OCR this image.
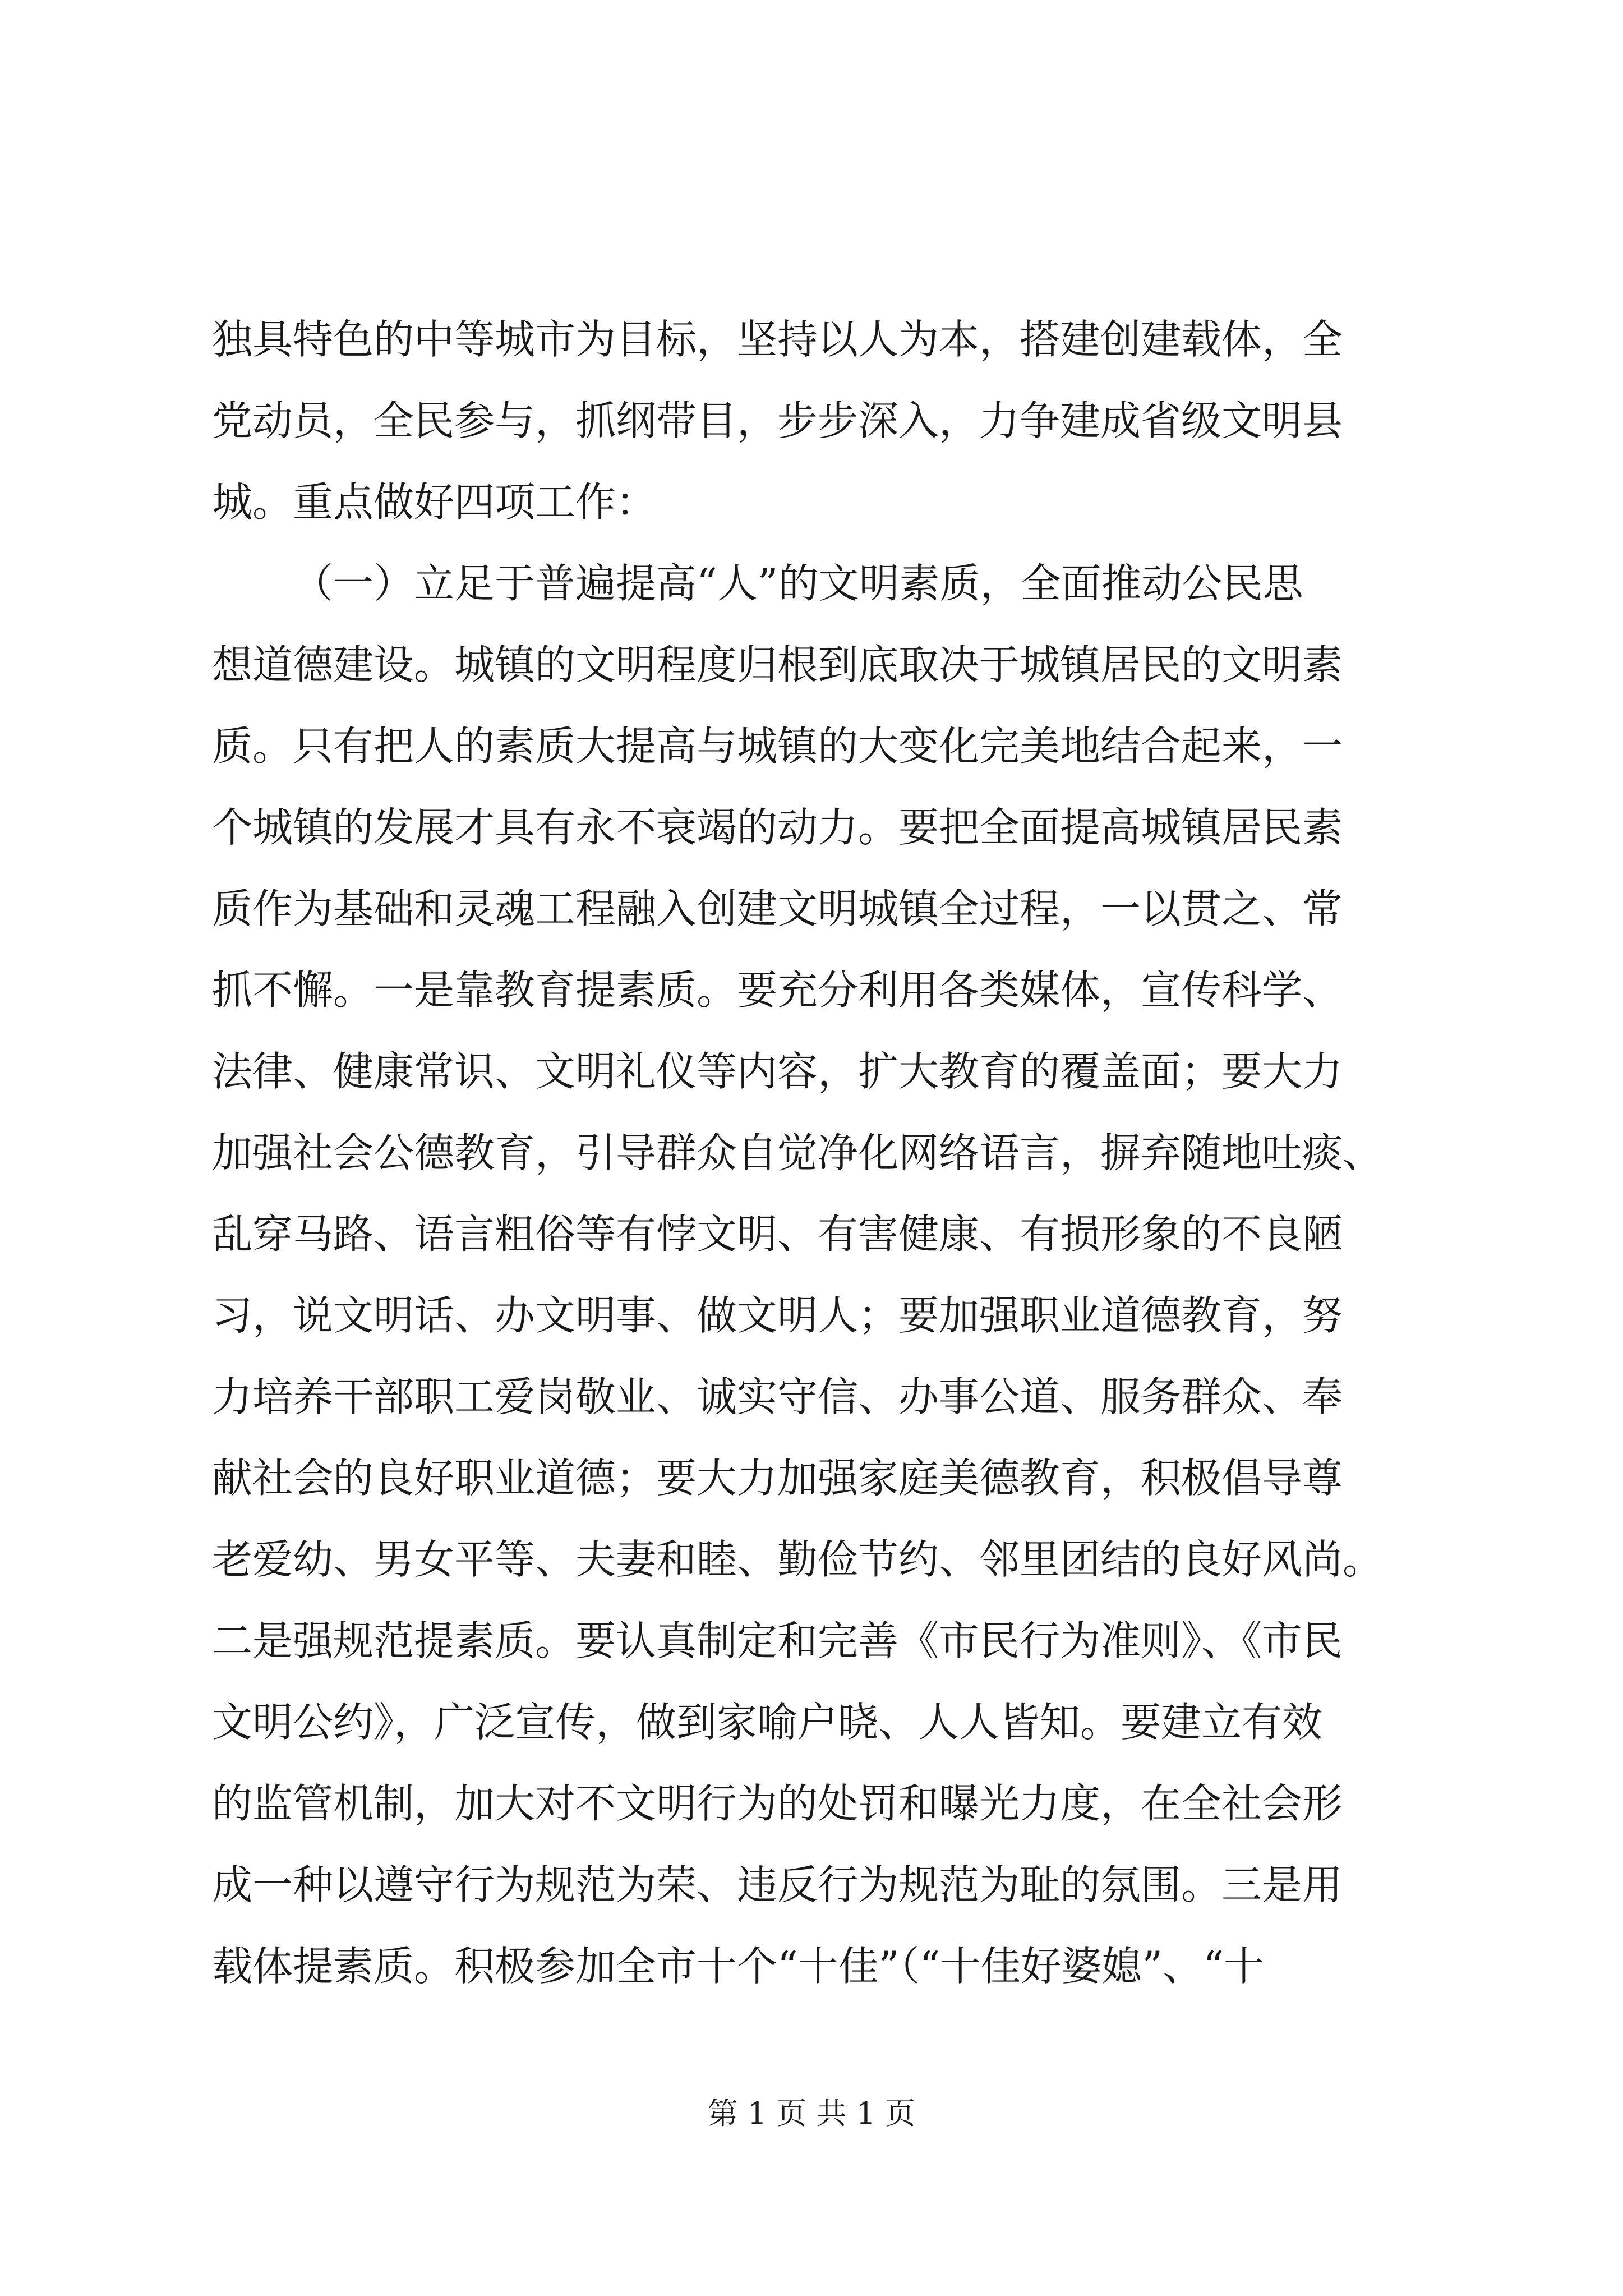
独具特色的中等城市为目标，坚持以人为本，搭建创建载体，全
党动员，全民参与，抓纲带目，步步深入，力争建成省级文明县
城。重点做好四项工作：
（一）立足于普遍提高“人”的文明素质，全面推动公民思
想道德建设。城镇的文明程度归根到底取决于城镇居民的文明素
质。只有把人的素质大提高与城镇的大变化完美地结合起来，一
个城镇的发展才具有永不衰竭的动力。要把全面提高城镇居民素
质作为基础和灵魂工程融入创建文明城镇全过程，一以贯之、常
抓不懈。一是靠教育提素质。要充分利用各类媒体，宣传科学、
法律、健康常识、文明礼仪等内容，扩大教育的覆盖面；要大力
加强社会公德教育，引导群众自觉净化网络语言，摒弃随地吐痰、
乱穿马路、语言粗俗等有悖文明、有害健康、有损形象的不良陋
习，说文明话、办文明事、做文明人；要加强职业道德教育，努
力培养干部职工爱岗敬业、诚实守信、办事公道、服务群众、奉
献社会的良好职业道德；要大力加强家庭美德教育，积极倡导尊
老爱幼、男女平等、夫妻和睦、勤俭节约、邻里团结的良好风尚。
二是强规范提素质。要认真制定和完善《市民行为准则》、《市民
文明公约》，广泛宣传，做到家喻户晓、人人皆知。要建立有效
的监管机制，加大对不文明行为的处罚和曝光力度，在全社会形
成一种以遵守行为规范为荣、违反行为规范为耻的氛围。三是用
载体提素质。积极参加全市十个“十佳”（“十佳好婆媳”、“十
第 1 页 共 1 页
